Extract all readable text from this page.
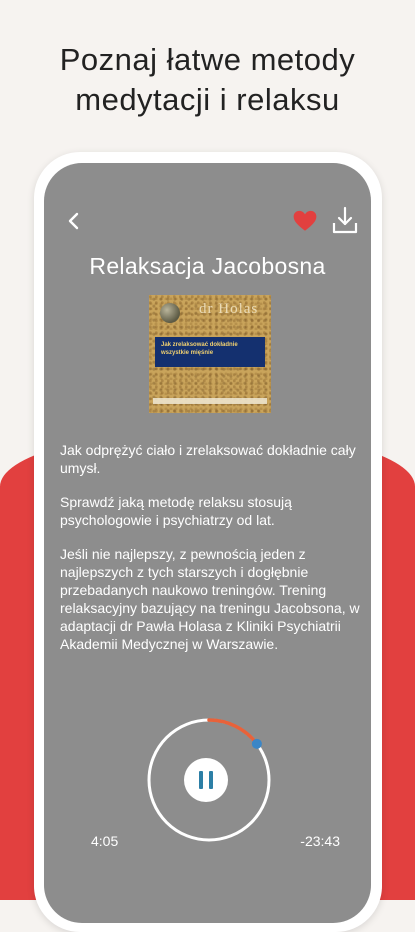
Poznaj łatwe metody
medytacji i relaksu
Relaksacja Jacobosna
dr Holas
Jak zrelaksować dokładnie wszystkie mięśnie

Jak odprężyć ciało i zrelaksować dokładnie cały umysł.

Sprawdź jaką metodę relaksu stosują psychologowie i psychiatrzy od lat.

Jeśli nie najlepszy, z pewnością jeden z najlepszych z tych starszych i dogłębnie przebadanych naukowo treningów. Trening relaksacyjny bazujący na treningu Jacobsona, w adaptacji dr Pawła Holasa z Kliniki Psychiatrii Akademii Medycznej w Warszawie.

4:05	-23:43
